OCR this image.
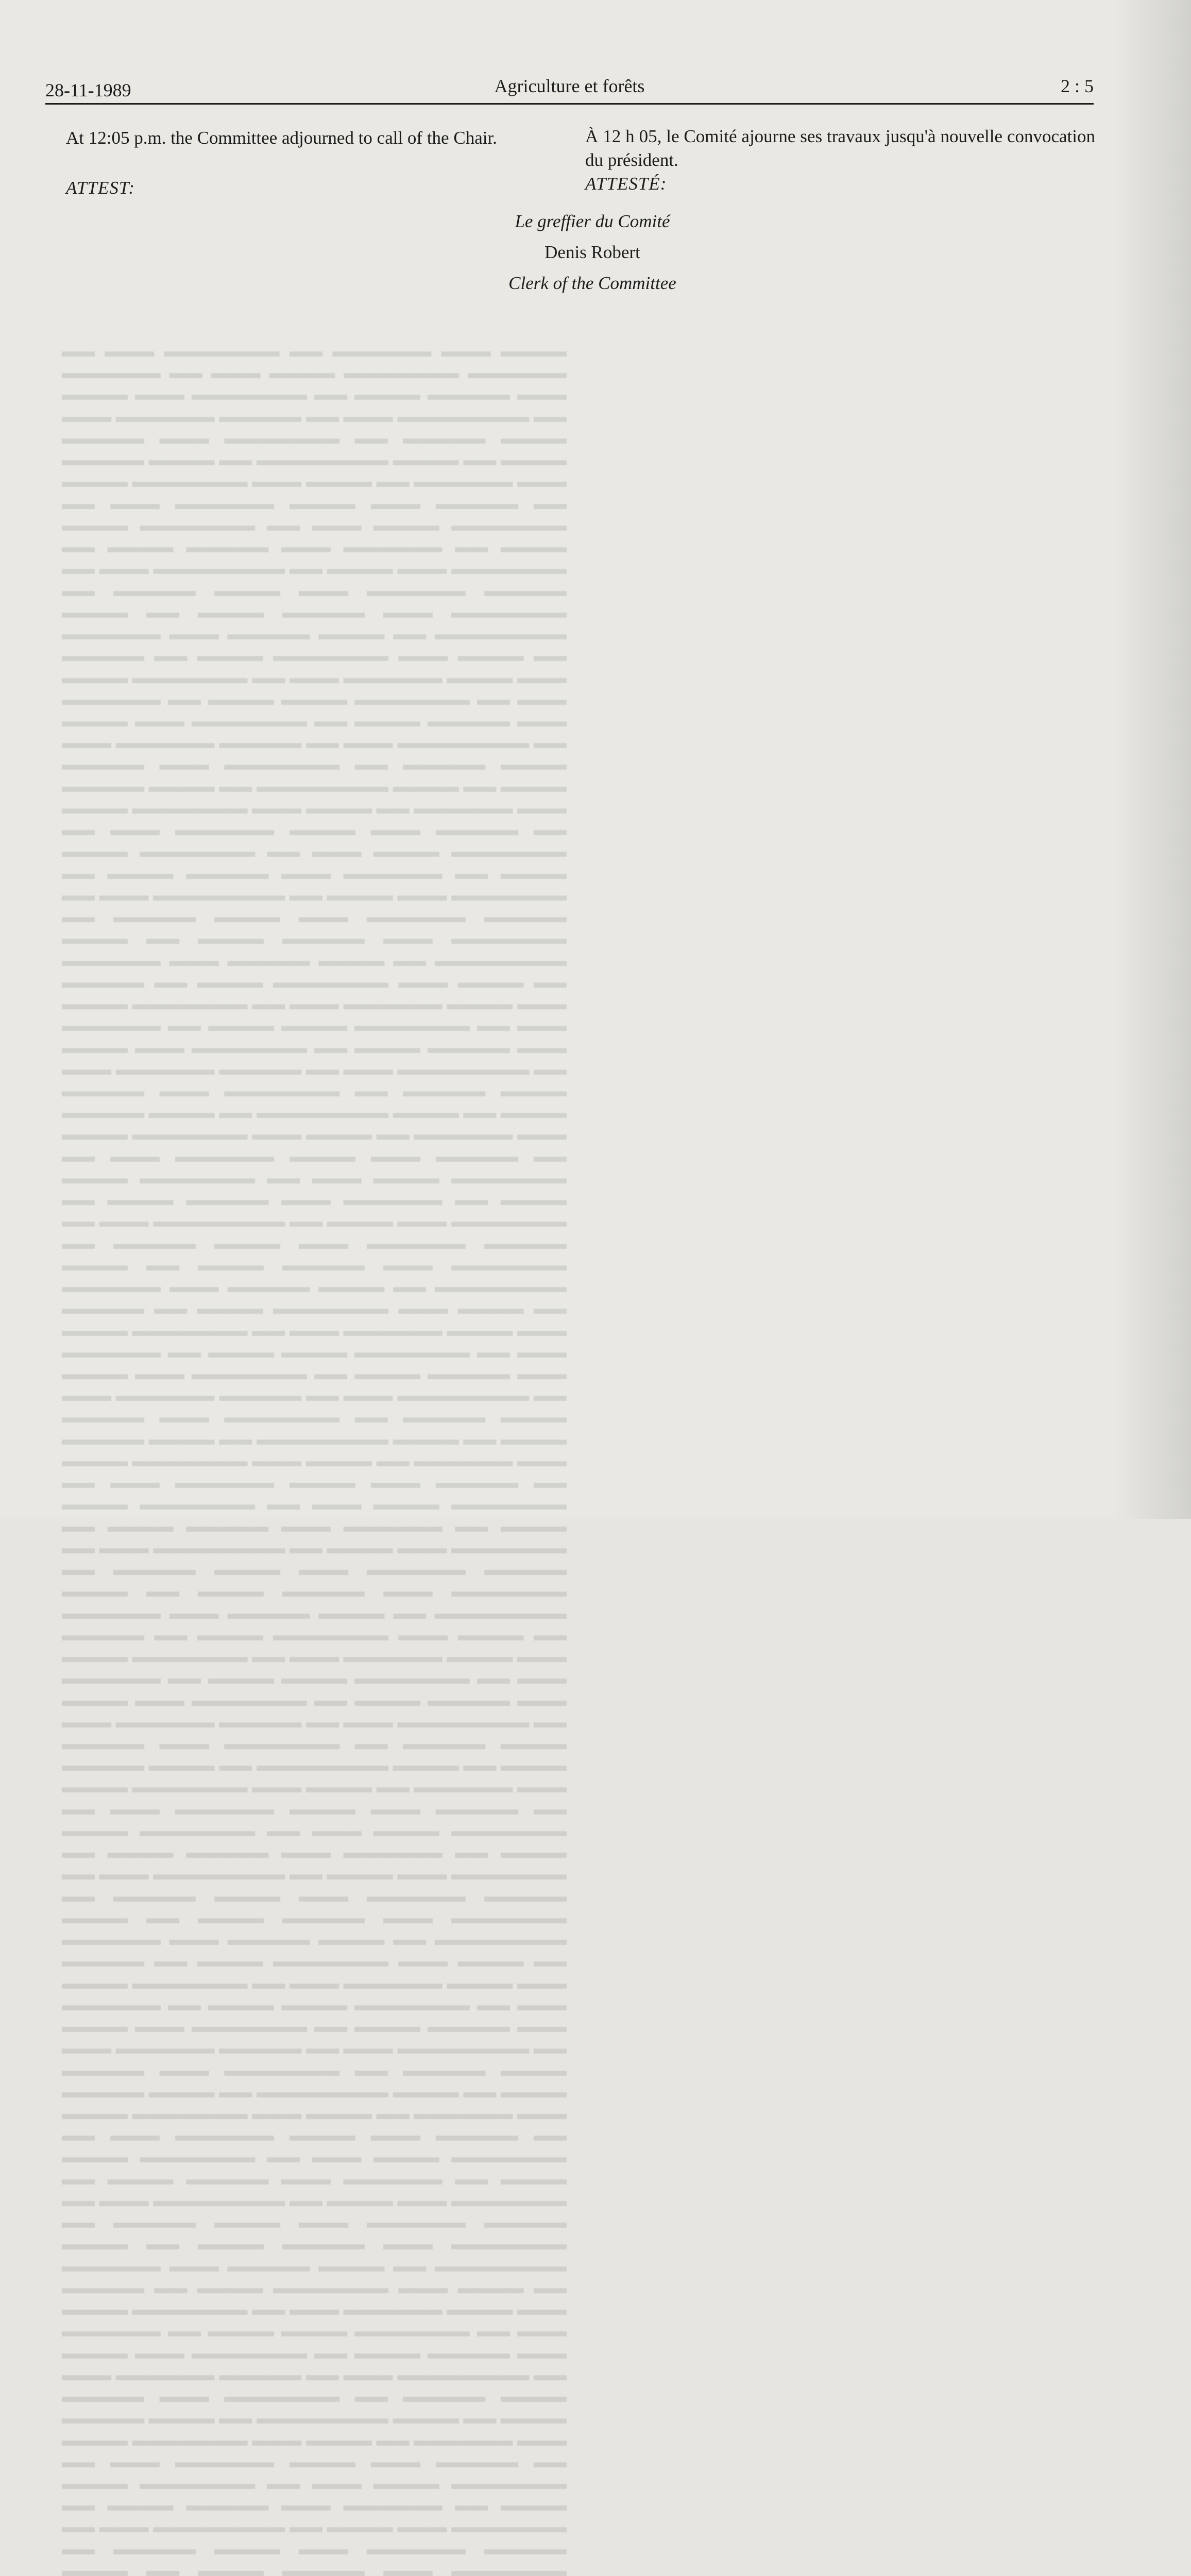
▬▬▬▬ ▬▬▬ ▬▬▬▬▬▬ ▬▬ ▬▬▬▬▬▬▬ ▬▬▬ ▬▬ ▬▬▬▬▬▬ ▬▬▬▬▬▬▬ ▬▬▬▬ ▬▬▬ ▬▬ ▬▬▬▬▬▬ ▬▬▬ ▬▬▬▬▬ ▬▬▬▬ ▬▬ ▬▬▬▬▬▬▬ ▬▬▬ ▬▬▬▬ ▬▬ ▬▬▬▬▬▬▬▬ ▬▬▬ ▬▬ ▬▬▬▬▬ ▬▬▬▬▬▬ ▬▬▬ ▬▬▬▬ ▬▬▬▬▬ ▬▬ ▬▬▬▬▬▬▬ ▬▬▬ ▬▬▬▬▬ ▬▬▬▬ ▬▬ ▬▬▬▬ ▬▬▬▬▬▬▬▬ ▬▬ ▬▬▬▬ ▬▬▬▬▬ ▬▬▬ ▬▬▬▬▬▬ ▬▬ ▬▬▬▬ ▬▬▬ ▬▬▬▬▬▬▬ ▬▬▬▬ ▬▬ ▬▬▬▬▬ ▬▬▬ ▬▬▬▬ ▬▬▬▬▬▬ ▬▬▬ ▬▬ ▬▬▬▬▬▬▬ ▬▬▬▬ ▬▬▬ ▬▬ ▬▬▬▬▬▬▬ ▬▬▬▬ ▬▬▬▬ ▬▬ ▬▬▬▬▬▬ ▬▬▬ ▬▬▬▬▬ ▬▬▬▬ ▬▬ ▬▬▬▬▬▬▬ ▬▬▬ ▬▬▬▬ ▬▬ ▬▬▬▬▬▬▬▬ ▬▬▬ ▬▬ ▬▬▬▬▬ ▬▬▬▬▬▬ ▬▬▬ ▬▬▬▬ ▬▬▬▬▬ ▬▬ ▬▬▬▬▬▬▬ ▬▬▬ ▬▬▬▬▬ ▬▬▬▬ ▬▬ ▬▬▬▬ ▬▬▬▬▬▬▬▬ ▬▬ ▬▬▬▬ ▬▬▬▬▬ ▬▬▬ ▬▬▬▬▬▬ ▬▬ ▬▬▬▬ ▬▬▬ ▬▬▬▬▬▬▬ ▬▬▬▬ ▬▬ ▬▬▬▬▬ ▬▬▬ ▬▬▬▬ ▬▬▬▬▬▬ ▬▬▬ ▬▬ ▬▬▬▬▬▬▬ ▬▬▬▬ ▬▬▬ ▬▬ ▬▬▬▬▬▬▬ ▬▬▬▬ ▬▬▬▬ ▬▬ ▬▬▬▬▬▬ ▬▬▬ ▬▬▬▬▬ ▬▬▬▬ ▬▬ ▬▬▬▬▬▬▬ ▬▬▬ ▬▬▬▬ ▬▬ ▬▬▬▬▬▬▬▬ ▬▬▬ ▬▬ ▬▬▬▬▬ ▬▬▬▬▬▬ ▬▬▬ ▬▬▬▬ ▬▬▬▬▬ ▬▬ ▬▬▬▬▬▬▬ ▬▬▬ ▬▬▬▬▬ ▬▬▬▬ ▬▬ ▬▬▬▬ ▬▬▬▬▬▬▬▬ ▬▬ ▬▬▬▬ ▬▬▬▬▬ ▬▬▬ ▬▬▬▬▬▬ ▬▬ ▬▬▬▬ ▬▬▬ ▬▬▬▬▬▬▬ ▬▬▬▬ ▬▬ ▬▬▬▬▬ ▬▬▬ ▬▬▬▬ ▬▬▬▬▬▬ ▬▬▬ ▬▬ ▬▬▬▬▬▬▬ ▬▬▬▬ ▬▬▬ ▬▬ ▬▬▬▬▬▬▬ ▬▬▬▬ ▬▬▬▬ ▬▬ ▬▬▬▬▬▬ ▬▬▬ ▬▬▬▬▬ ▬▬▬▬ ▬▬ ▬▬▬▬▬▬▬ ▬▬▬ ▬▬▬▬ ▬▬ ▬▬▬▬▬▬▬▬ ▬▬▬ ▬▬ ▬▬▬▬▬ ▬▬▬▬▬▬ ▬▬▬ ▬▬▬▬ ▬▬▬▬▬ ▬▬ ▬▬▬▬▬▬▬ ▬▬▬ ▬▬▬▬▬ ▬▬▬▬ ▬▬ ▬▬▬▬ ▬▬▬▬▬▬▬▬ ▬▬ ▬▬▬▬ ▬▬▬▬▬ ▬▬▬ ▬▬▬▬▬▬ ▬▬ ▬▬▬▬ ▬▬▬ ▬▬▬▬▬▬▬ ▬▬▬▬ ▬▬ ▬▬▬▬▬ ▬▬▬ ▬▬▬▬ ▬▬▬▬▬▬ ▬▬▬ ▬▬ ▬▬▬▬▬▬▬ ▬▬▬▬ ▬▬▬ ▬▬ ▬▬▬▬▬▬▬ ▬▬▬▬ ▬▬▬▬ ▬▬ ▬▬▬▬▬▬ ▬▬▬ ▬▬▬▬▬ ▬▬▬▬ ▬▬ ▬▬▬▬▬▬▬ ▬▬▬ ▬▬▬▬ ▬▬ ▬▬▬▬▬▬▬▬ ▬▬▬ ▬▬ ▬▬▬▬▬ ▬▬▬▬▬▬ ▬▬▬ ▬▬▬▬ ▬▬▬▬▬ ▬▬ ▬▬▬▬▬▬▬ ▬▬▬ ▬▬▬▬▬ ▬▬▬▬ ▬▬ ▬▬▬▬ ▬▬▬▬▬▬▬▬ ▬▬ ▬▬▬▬ ▬▬▬▬▬ ▬▬▬ ▬▬▬▬▬▬ ▬▬ ▬▬▬▬ ▬▬▬ ▬▬▬▬▬▬▬ ▬▬▬▬ ▬▬ ▬▬▬▬▬ ▬▬▬ ▬▬▬▬ ▬▬▬▬▬▬ ▬▬▬ ▬▬ ▬▬▬▬▬▬▬ ▬▬▬▬ ▬▬▬ ▬▬ ▬▬▬▬▬▬▬ ▬▬▬▬ ▬▬▬▬ ▬▬ ▬▬▬▬▬▬ ▬▬▬ ▬▬▬▬▬ ▬▬▬▬ ▬▬ ▬▬▬▬▬▬▬ ▬▬▬ ▬▬▬▬ ▬▬ ▬▬▬▬▬▬▬▬ ▬▬▬ ▬▬ ▬▬▬▬▬ ▬▬▬▬▬▬ ▬▬▬ ▬▬▬▬ ▬▬▬▬▬ ▬▬ ▬▬▬▬▬▬▬ ▬▬▬ ▬▬▬▬▬ ▬▬▬▬ ▬▬ ▬▬▬▬ ▬▬▬▬▬▬▬▬ ▬▬ ▬▬▬▬ ▬▬▬▬▬ ▬▬▬ ▬▬▬▬▬▬ ▬▬ ▬▬▬▬ ▬▬▬ ▬▬▬▬▬▬▬ ▬▬▬▬ ▬▬ ▬▬▬▬▬ ▬▬▬ ▬▬▬▬ ▬▬▬▬▬▬ ▬▬▬ ▬▬ ▬▬▬▬▬▬▬ ▬▬▬▬ ▬▬▬ ▬▬ ▬▬▬▬▬▬▬ ▬▬▬▬ ▬▬▬▬ ▬▬ ▬▬▬▬▬▬ ▬▬▬ ▬▬▬▬▬ ▬▬▬▬ ▬▬ ▬▬▬▬▬▬▬ ▬▬▬ ▬▬▬▬ ▬▬ ▬▬▬▬▬▬▬▬ ▬▬▬ ▬▬ ▬▬▬▬▬ ▬▬▬▬▬▬ ▬▬▬ ▬▬▬▬ ▬▬▬▬▬ ▬▬ ▬▬▬▬▬▬▬ ▬▬▬ ▬▬▬▬▬ ▬▬▬▬ ▬▬ ▬▬▬▬ ▬▬▬▬▬▬▬▬ ▬▬ ▬▬▬▬ ▬▬▬▬▬ ▬▬▬ ▬▬▬▬▬▬ ▬▬ ▬▬▬▬ ▬▬▬ ▬▬▬▬▬▬▬ ▬▬▬▬ ▬▬ ▬▬▬▬▬ ▬▬▬ ▬▬▬▬ ▬▬▬▬▬▬ ▬▬▬ ▬▬ ▬▬▬▬▬▬▬ ▬▬▬▬ ▬▬▬ ▬▬ ▬▬▬▬▬▬▬ ▬▬▬▬ ▬▬▬▬ ▬▬ ▬▬▬▬▬▬ ▬▬▬ ▬▬▬▬▬ ▬▬▬▬ ▬▬ ▬▬▬▬▬▬▬ ▬▬▬ ▬▬▬▬ ▬▬ ▬▬▬▬▬▬▬▬ ▬▬▬ ▬▬ ▬▬▬▬▬ ▬▬▬▬▬▬ ▬▬▬ ▬▬▬▬ ▬▬▬▬▬ ▬▬ ▬▬▬▬▬▬▬ ▬▬▬ ▬▬▬▬▬ ▬▬▬▬ ▬▬ ▬▬▬▬ ▬▬▬▬▬▬▬▬ ▬▬ ▬▬▬▬ ▬▬▬▬▬ ▬▬▬ ▬▬▬▬▬▬ ▬▬ ▬▬▬▬ ▬▬▬ ▬▬▬▬▬▬▬ ▬▬▬▬ ▬▬ ▬▬▬▬▬ ▬▬▬ ▬▬▬▬ ▬▬▬▬▬▬ ▬▬▬ ▬▬ ▬▬▬▬▬▬▬ ▬▬▬▬ ▬▬▬ ▬▬ ▬▬▬▬▬▬▬ ▬▬▬▬ ▬▬▬▬ ▬▬ ▬▬▬▬▬▬ ▬▬▬ ▬▬▬▬▬ ▬▬▬▬ ▬▬ ▬▬▬▬▬▬▬ ▬▬▬ ▬▬▬▬ ▬▬ ▬▬▬▬▬▬▬▬ ▬▬▬ ▬▬ ▬▬▬▬▬ ▬▬▬▬▬▬ ▬▬▬ ▬▬▬▬ ▬▬▬▬▬ ▬▬ ▬▬▬▬▬▬▬ ▬▬▬ ▬▬▬▬▬ ▬▬▬▬ ▬▬ ▬▬▬▬ ▬▬▬▬▬▬▬▬ ▬▬ ▬▬▬▬ ▬▬▬▬▬ ▬▬▬ ▬▬▬▬▬▬ ▬▬ ▬▬▬▬ ▬▬▬ ▬▬▬▬▬▬▬ ▬▬▬▬ ▬▬ ▬▬▬▬▬ ▬▬▬ ▬▬▬▬ ▬▬▬▬▬▬ ▬▬▬ ▬▬ ▬▬▬▬▬▬▬ ▬▬▬▬ ▬▬▬ ▬▬ ▬▬▬▬▬▬▬ ▬▬▬▬ ▬▬▬▬ ▬▬ ▬▬▬▬▬▬ ▬▬▬ ▬▬▬▬▬ ▬▬▬▬ ▬▬ ▬▬▬▬▬▬▬ ▬▬▬ ▬▬▬▬ ▬▬ ▬▬▬▬▬▬▬▬ ▬▬▬ ▬▬ ▬▬▬▬▬ ▬▬▬▬▬▬ ▬▬▬ ▬▬▬▬ ▬▬▬▬▬ ▬▬ ▬▬▬▬▬▬▬ ▬▬▬ ▬▬▬▬▬ ▬▬▬▬ ▬▬ ▬▬▬▬ ▬▬▬▬▬▬▬▬ ▬▬ ▬▬▬▬ ▬▬▬▬▬ ▬▬▬ ▬▬▬▬▬▬ ▬▬ ▬▬▬▬ ▬▬▬ ▬▬▬▬▬▬▬ ▬▬▬▬ ▬▬ ▬▬▬▬▬ ▬▬▬ ▬▬▬▬ ▬▬▬▬▬▬ ▬▬▬ ▬▬ ▬▬▬▬▬▬▬ ▬▬▬▬ ▬▬▬ ▬▬ ▬▬▬▬▬▬▬ ▬▬▬▬ ▬▬▬▬ ▬▬ ▬▬▬▬▬▬ ▬▬▬ ▬▬▬▬▬ ▬▬▬▬ ▬▬ ▬▬▬▬▬▬▬ ▬▬▬ ▬▬▬▬ ▬▬ ▬▬▬▬▬▬▬▬ ▬▬▬ ▬▬ ▬▬▬▬▬ ▬▬▬▬▬▬ ▬▬▬ ▬▬▬▬ ▬▬▬▬▬ ▬▬ ▬▬▬▬▬▬▬ ▬▬▬ ▬▬▬▬▬ ▬▬▬▬ ▬▬ ▬▬▬▬ ▬▬▬▬▬▬▬▬ ▬▬ ▬▬▬▬ ▬▬▬▬▬ ▬▬▬ ▬▬▬▬▬▬ ▬▬ ▬▬▬▬ ▬▬▬ ▬▬▬▬▬▬▬ ▬▬▬▬ ▬▬ ▬▬▬▬▬ ▬▬▬ ▬▬▬▬ ▬▬▬▬▬▬ ▬▬▬ ▬▬ ▬▬▬▬▬▬▬ ▬▬▬▬ ▬▬▬ ▬▬ ▬▬▬▬▬▬▬ ▬▬▬▬ ▬▬▬▬ ▬▬ ▬▬▬▬▬▬ ▬▬▬ ▬▬▬▬▬ ▬▬▬▬ ▬▬ ▬▬▬▬▬▬▬ ▬▬▬ ▬▬▬▬ ▬▬ ▬▬▬▬▬▬▬▬ ▬▬▬ ▬▬ ▬▬▬▬▬ ▬▬▬▬▬▬ ▬▬▬ ▬▬▬▬ ▬▬▬▬▬ ▬▬ ▬▬▬▬▬▬▬ ▬▬▬ ▬▬▬▬▬ ▬▬▬▬ ▬▬ ▬▬▬▬ ▬▬▬▬▬▬▬▬ ▬▬ ▬▬▬▬ ▬▬▬▬▬ ▬▬▬ ▬▬▬▬▬▬ ▬▬ ▬▬▬▬ ▬▬▬ ▬▬▬▬▬▬▬ ▬▬▬▬ ▬▬ ▬▬▬▬▬ ▬▬▬ ▬▬▬▬ ▬▬▬▬▬▬ ▬▬▬ ▬▬ ▬▬▬▬▬▬▬ ▬▬▬▬ ▬▬▬ ▬▬ ▬▬▬▬▬▬▬ ▬▬▬▬ ▬▬▬▬ ▬▬ ▬▬▬▬▬▬ ▬▬▬ ▬▬▬▬▬ ▬▬▬▬ ▬▬ ▬▬▬▬▬▬▬ ▬▬▬ ▬▬▬▬ ▬▬ ▬▬▬▬▬▬▬▬ ▬▬▬ ▬▬ ▬▬▬▬▬ ▬▬▬▬▬▬ ▬▬▬ ▬▬▬▬ ▬▬▬▬▬ ▬▬ ▬▬▬▬▬▬▬ ▬▬▬ ▬▬▬▬▬ ▬▬▬▬ ▬▬ ▬▬▬▬ ▬▬▬▬▬▬▬▬ ▬▬ ▬▬▬▬ ▬▬▬▬▬ ▬▬▬ ▬▬▬▬▬▬ ▬▬ ▬▬▬▬ ▬▬▬ ▬▬▬▬▬▬▬ ▬▬▬▬ ▬▬ ▬▬▬▬▬ ▬▬▬ ▬▬▬▬ ▬▬▬▬▬▬ ▬▬▬ ▬▬ ▬▬▬▬▬▬▬ ▬▬▬▬ ▬▬▬ ▬▬ ▬▬▬▬▬▬▬ ▬▬▬▬ ▬▬▬▬ ▬▬ ▬▬▬▬▬▬ ▬▬▬ ▬▬▬▬▬ ▬▬▬▬ ▬▬ ▬▬▬▬▬▬▬ ▬▬▬ ▬▬▬▬ ▬▬ ▬▬▬▬▬▬▬▬ ▬▬▬ ▬▬ ▬▬▬▬▬ ▬▬▬▬▬▬ ▬▬▬ ▬▬▬▬ ▬▬▬▬▬ ▬▬ ▬▬▬▬▬▬▬ ▬▬▬ ▬▬▬▬▬ ▬▬▬▬ ▬▬ ▬▬▬▬
28-11-1989	Agriculture et forêts	2 : 5

At 12:05 p.m. the Committee adjourned to call of the Chair.

ATTEST:

À 12 h 05, le Comité ajourne ses travaux jusqu'à nouvelle convocation du président.

ATTESTÉ:

Le greffier du Comité
Denis Robert
Clerk of the Committee
